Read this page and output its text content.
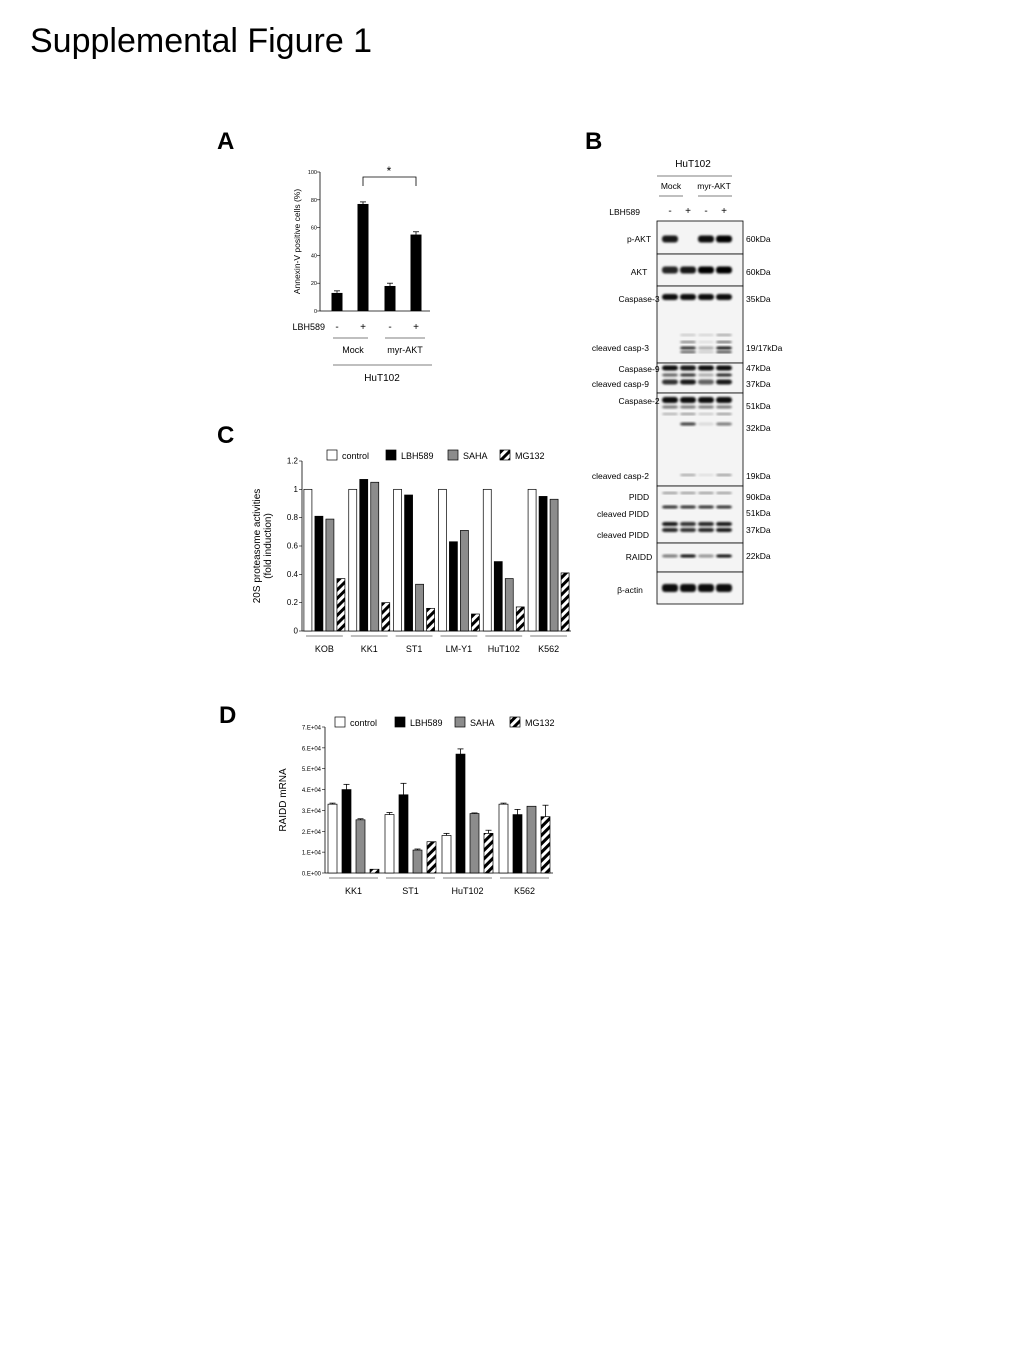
Supplemental Figure 1
A	B
C
D
0
20
40
60
80
100
Annexin-V positive cells (%)
*
LBH589 - + - +
Mock	myr-AKT
HuT102
0
0.2
0.4
0.6
0.8
1
1.2
KOB	KK1	ST1	LM-Y1 HuT102 K562
control	LBH589	SAHA	MG132
20S proteasome activities(fold induction)
0.E+00
1.E+04
2.E+04
3.E+04
4.E+04
5.E+04
6.E+04
7.E+04
KK1	ST1	HuT102	K562
control	LBH589	SAHA	MG132
RAIDD mRNA
HuT102
Mock myr-AKT
LBH589	- + - +
p-AKT
AKT
Caspase-3
cleaved casp-3
Caspase-9
cleaved casp-9
Caspase-2
cleaved casp-2
PIDD
cleaved PIDD
cleaved PIDD
RAIDD
β-actin
60kDa
60kDa
35kDa
19/17kDa
47kDa
37kDa
51kDa
32kDa
19kDa
90kDa
51kDa
37kDa
22kDa
